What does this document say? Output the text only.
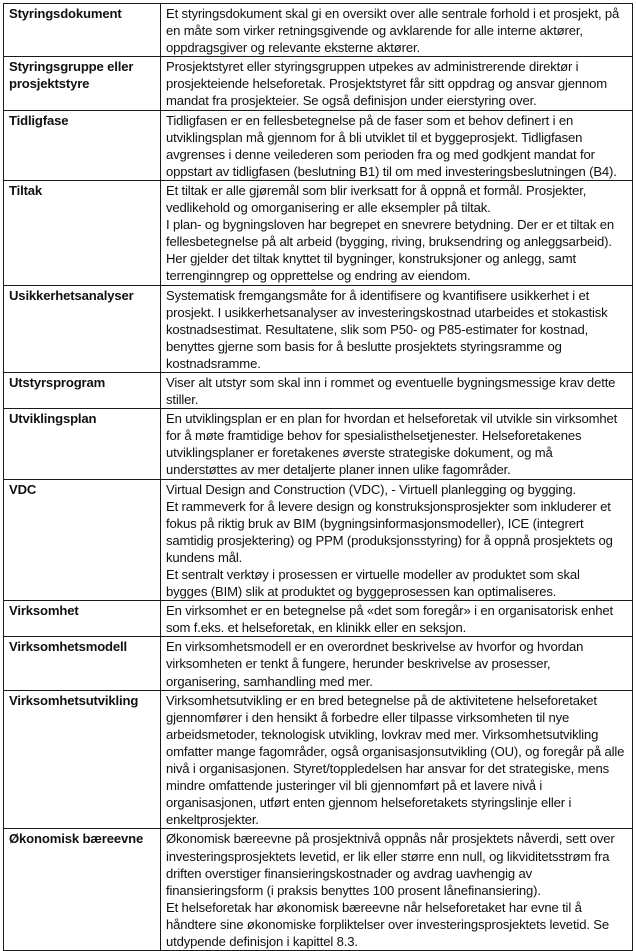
Styringsdokument	Et styringsdokument skal gi en oversikt over alle sentrale forhold i et prosjekt, på
en måte som virker retningsgivende og avklarende for alle interne aktører,
oppdragsgiver og relevante eksterne aktører.

Styringsgruppe eller
prosjektstyre	Prosjektstyret eller styringsgruppen utpekes av administrerende direktør i
prosjekteiende helseforetak. Prosjektstyret får sitt oppdrag og ansvar gjennom
mandat fra prosjekteier. Se også definisjon under eierstyring over.

Tidligfase	Tidligfasen er en fellesbetegnelse på de faser som et behov definert i en
utviklingsplan må gjennom for å bli utviklet til et byggeprosjekt. Tidligfasen
avgrenses i denne veilederen som perioden fra og med godkjent mandat for
oppstart av tidligfasen (beslutning B1) til om med investeringsbeslutningen (B4).

Tiltak	Et tiltak er alle gjøremål som blir iverksatt for å oppnå et formål. Prosjekter,
vedlikehold og omorganisering er alle eksempler på tiltak.
I plan- og bygningsloven har begrepet en snevrere betydning. Der er et tiltak en
fellesbetegnelse på alt arbeid (bygging, riving, bruksendring og anleggsarbeid).
Her gjelder det tiltak knyttet til bygninger, konstruksjoner og anlegg, samt
terrenginngrep og opprettelse og endring av eiendom.

Usikkerhetsanalyser	Systematisk fremgangsmåte for å identifisere og kvantifisere usikkerhet i et
prosjekt. I usikkerhetsanalyser av investeringskostnad utarbeides et stokastisk
kostnadsestimat. Resultatene, slik som P50- og P85-estimater for kostnad,
benyttes gjerne som basis for å beslutte prosjektets styringsramme og
kostnadsramme.

Utstyrsprogram	Viser alt utstyr som skal inn i rommet og eventuelle bygningsmessige krav dette
stiller.

Utviklingsplan	En utviklingsplan er en plan for hvordan et helseforetak vil utvikle sin virksomhet
for å møte framtidige behov for spesialisthelsetjenester. Helseforetakenes
utviklingsplaner er foretakenes øverste strategiske dokument, og må
understøttes av mer detaljerte planer innen ulike fagområder.

VDC	Virtual Design and Construction (VDC), - Virtuell planlegging og bygging.
Et rammeverk for å levere design og konstruksjonsprosjekter som inkluderer et
fokus på riktig bruk av BIM (bygningsinformasjonsmodeller), ICE (integrert
samtidig prosjektering) og PPM (produksjonsstyring) for å oppnå prosjektets og
kundens mål.
Et sentralt verktøy i prosessen er virtuelle modeller av produktet som skal
bygges (BIM) slik at produktet og byggeprosessen kan optimaliseres.

Virksomhet	En virksomhet er en betegnelse på «det som foregår» i en organisatorisk enhet
som f.eks. et helseforetak, en klinikk eller en seksjon.

Virksomhetsmodell	En virksomhetsmodell er en overordnet beskrivelse av hvorfor og hvordan
virksomheten er tenkt å fungere, herunder beskrivelse av prosesser,
organisering, samhandling med mer.

Virksomhetsutvikling	Virksomhetsutvikling er en bred betegnelse på de aktivitetene helseforetaket
gjennomfører i den hensikt å forbedre eller tilpasse virksomheten til nye
arbeidsmetoder, teknologisk utvikling, lovkrav med mer. Virksomhetsutvikling
omfatter mange fagområder, også organisasjonsutvikling (OU), og foregår på alle
nivå i organisasjonen. Styret/toppledelsen har ansvar for det strategiske, mens
mindre omfattende justeringer vil bli gjennomført på et lavere nivå i
organisasjonen, utført enten gjennom helseforetakets styringslinje eller i
enkeltprosjekter.

Økonomisk bæreevne	Økonomisk bæreevne på prosjektnivå oppnås når prosjektets nåverdi, sett over
investeringsprosjektets levetid, er lik eller større enn null, og likviditetsstrøm fra
driften overstiger finansieringskostnader og avdrag uavhengig av
finansieringsform (i praksis benyttes 100 prosent lånefinansiering).
Et helseforetak har økonomisk bæreevne når helseforetaket har evne til å
håndtere sine økonomiske forpliktelser over investeringsprosjektets levetid. Se
utdypende definisjon i kapittel 8.3.
